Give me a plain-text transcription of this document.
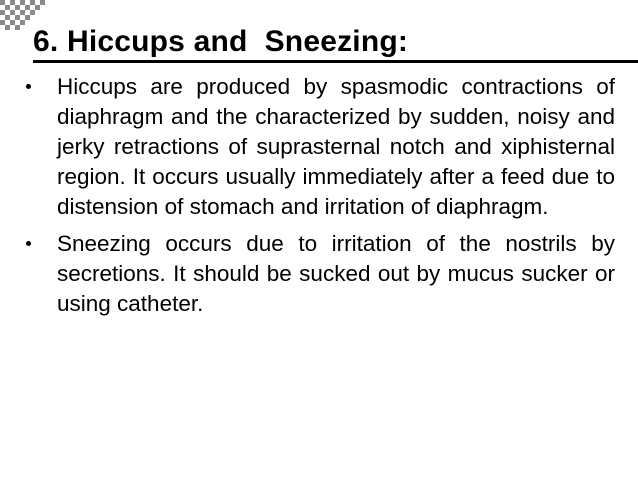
6. Hiccups and  Sneezing:
Hiccups are produced by spasmodic contractions of diaphragm and the characterized by sudden, noisy and jerky retractions of suprasternal notch and xiphisternal region. It occurs usually immediately after a feed due to distension of stomach and irritation of diaphragm.
Sneezing occurs due to irritation of the nostrils by secretions. It should be sucked out by mucus sucker or using catheter.
